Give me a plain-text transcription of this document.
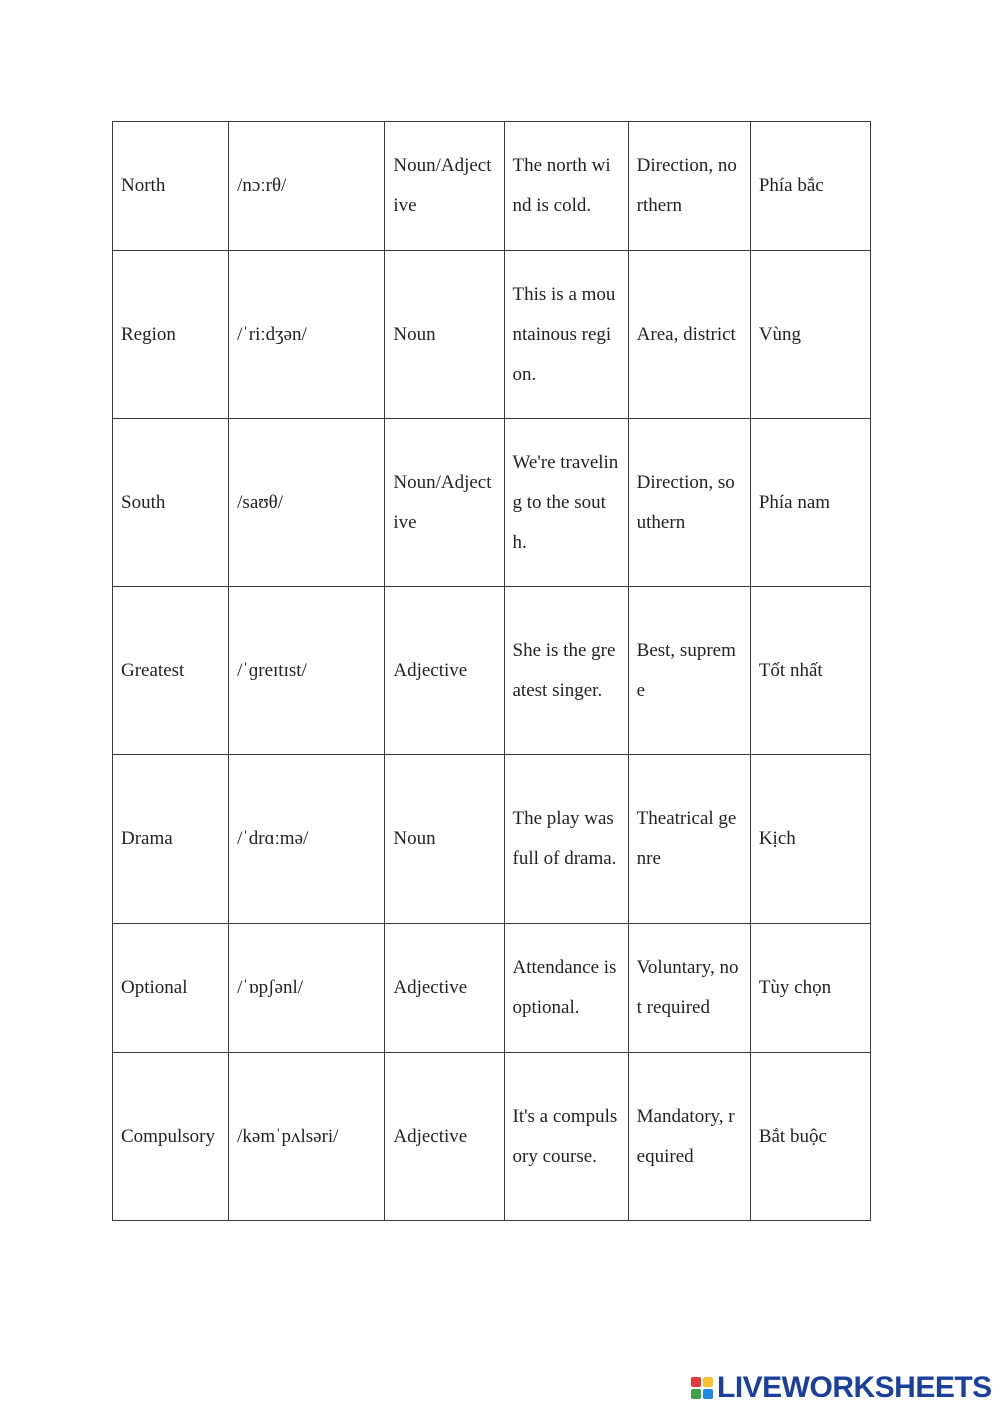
North	/nɔːrθ/	Noun/Adjective	The north wind is cold.	Direction, northern	Phía bắc
Region	/ˈriːdʒən/	Noun	This is a mountainous region.	Area, district	Vùng
South	/saʊθ/	Noun/Adjective	We're traveling to the south.	Direction, southern	Phía nam
Greatest	/ˈɡreɪtɪst/	Adjective	She is the greatest singer.	Best, supreme	Tốt nhất
Drama	/ˈdrɑːmə/	Noun	The play was full of drama.	Theatrical genre	Kịch
Optional	/ˈɒpʃənl/	Adjective	Attendance is optional.	Voluntary, not required	Tùy chọn
Compulsory	/kəmˈpʌlsəri/	Adjective	It's a compulsory course.	Mandatory, required	Bắt buộc
LIVEWORKSHEETS
